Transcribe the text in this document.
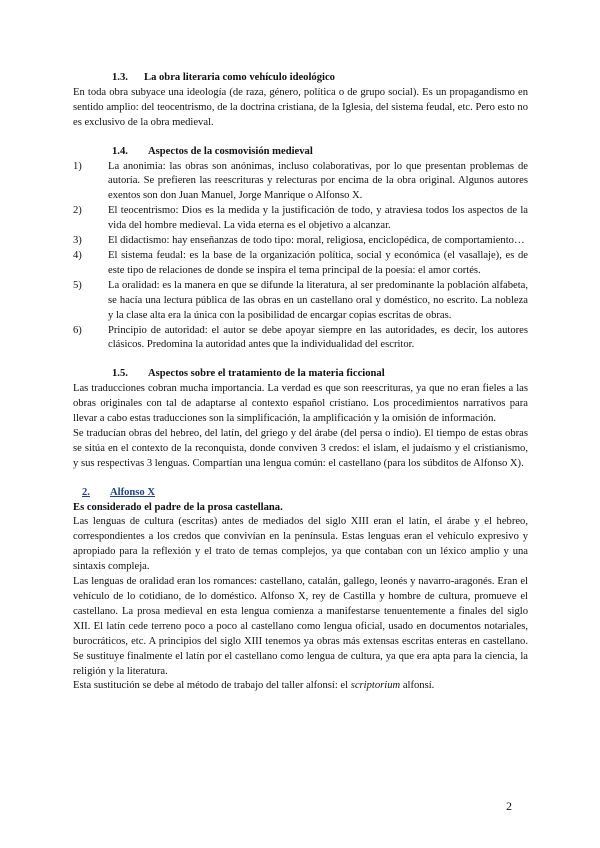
1.3.	La obra literaria como vehículo ideológico

En toda obra subyace una ideología (de raza, género, política o de grupo social). Es un propagandismo en sentido amplio: del teocentrismo, de la doctrina cristiana, de la Iglesia, del sistema feudal, etc. Pero esto no es exclusivo de la obra medieval.

1.4.	Aspectos de la cosmovisión medieval
1)	La anonimia: las obras son anónimas, incluso colaborativas, por lo que presentan problemas de autoría. Se prefieren las reescrituras y relecturas por encima de la obra original. Algunos autores exentos son don Juan Manuel, Jorge Manrique o Alfonso X.
2)	El teocentrismo: Dios es la medida y la justificación de todo, y atraviesa todos los aspectos de la vida del hombre medieval. La vida eterna es el objetivo a alcanzar.
3)	El didactismo: hay enseñanzas de todo tipo: moral, religiosa, enciclopédica, de comportamiento…
4)	El sistema feudal: es la base de la organización política, social y económica (el vasallaje), es de este tipo de relaciones de donde se inspira el tema principal de la poesía: el amor cortés.
5)	La oralidad: es la manera en que se difunde la literatura, al ser predominante la población alfabeta, se hacía una lectura pública de las obras en un castellano oral y doméstico, no escrito. La nobleza y la clase alta era la única con la posibilidad de encargar copias escritas de obras.
6)	Principio de autoridad: el autor se debe apoyar siempre en las autoridades, es decir, los autores clásicos. Predomina la autoridad antes que la individualidad del escritor.
1.5.	Aspectos sobre el tratamiento de la materia ficcional

Las traducciones cobran mucha importancia. La verdad es que son reescrituras, ya que no eran fieles a las obras originales con tal de adaptarse al contexto español cristiano. Los procedimientos narrativos para llevar a cabo estas traducciones son la simplificación, la amplificación y la omisión de información.

Se traducían obras del hebreo, del latín, del griego y del árabe (del persa o indio). El tiempo de estas obras se sitúa en el contexto de la reconquista, donde conviven 3 credos: el islam, el judaísmo y el cristianismo, y sus respectivas 3 lenguas. Compartían una lengua común: el castellano (para los súbditos de Alfonso X).

2.	Alfonso X

Es considerado el padre de la prosa castellana.

Las lenguas de cultura (escritas) antes de mediados del siglo XIII eran el latín, el árabe y el hebreo, correspondientes a los credos que convivían en la península. Estas lenguas eran el vehículo expresivo y apropiado para la reflexión y el trato de temas complejos, ya que contaban con un léxico amplio y una sintaxis compleja.

Las lenguas de oralidad eran los romances: castellano, catalán, gallego, leonés y navarro-aragonés. Eran el vehículo de lo cotidiano, de lo doméstico. Alfonso X, rey de Castilla y hombre de cultura, promueve el castellano. La prosa medieval en esta lengua comienza a manifestarse tenuentemente a finales del siglo XII. El latín cede terreno poco a poco al castellano como lengua oficial, usado en documentos notariales, burocráticos, etc. A principios del siglo XIII tenemos ya obras más extensas escritas enteras en castellano. Se sustituye finalmente el latín por el castellano como lengua de cultura, ya que era apta para la ciencia, la religión y la literatura.

Esta sustitución se debe al método de trabajo del taller alfonsí: el scriptorium alfonsí.

2
